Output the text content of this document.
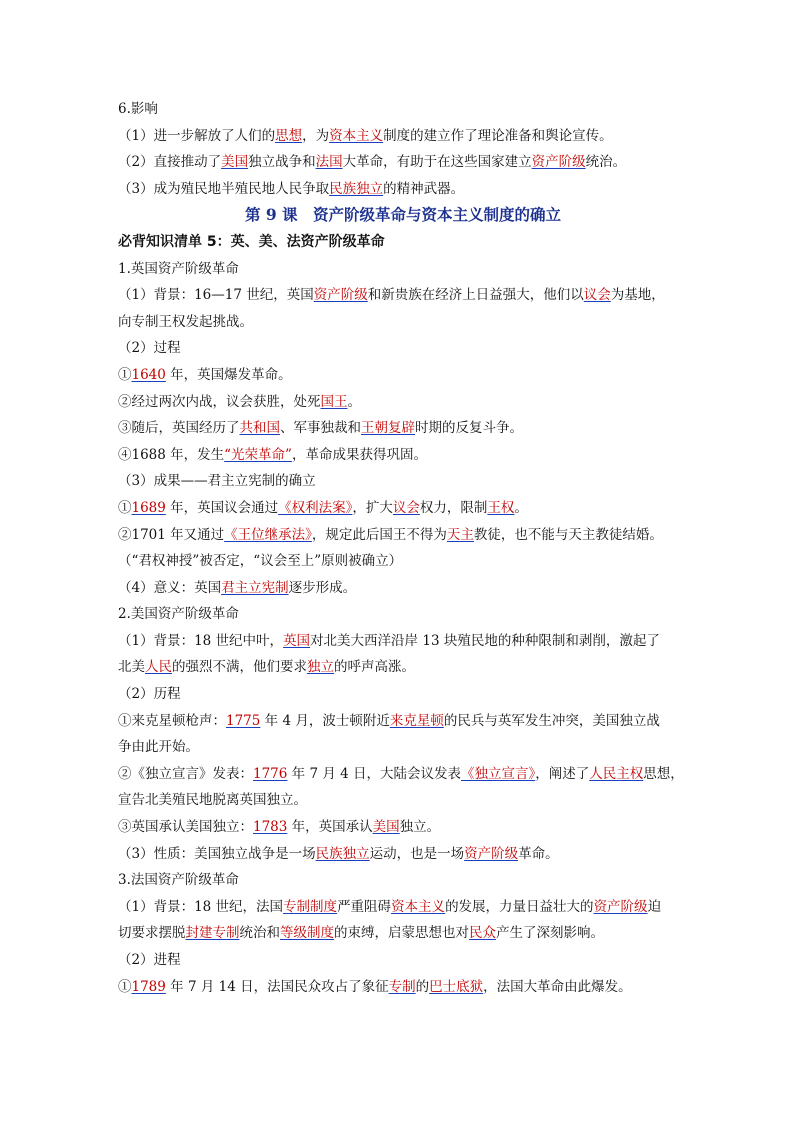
6.影响
（1）进一步解放了人们的思想，为资本主义制度的建立作了理论准备和舆论宣传。
（2）直接推动了美国独立战争和法国大革命，有助于在这些国家建立资产阶级统治。
（3）成为殖民地半殖民地人民争取民族独立的精神武器。
第 9 课　资产阶级革命与资本主义制度的确立
必背知识清单 5：英、美、法资产阶级革命
1.英国资产阶级革命
（1）背景：16—17 世纪，英国资产阶级和新贵族在经济上日益强大，他们以议会为基地，
向专制王权发起挑战。
（2）过程
①1640 年，英国爆发革命。
②经过两次内战，议会获胜，处死国王。
③随后，英国经历了共和国、军事独裁和王朝复辟时期的反复斗争。
④1688 年，发生“光荣革命”，革命成果获得巩固。
（3）成果——君主立宪制的确立
①1689 年，英国议会通过《权利法案》，扩大议会权力，限制王权。
②1701 年又通过《王位继承法》，规定此后国王不得为天主教徒，也不能与天主教徒结婚。
（“君权神授”被否定，“议会至上”原则被确立）
（4）意义：英国君主立宪制逐步形成。
2.美国资产阶级革命
（1）背景：18 世纪中叶，英国对北美大西洋沿岸 13 块殖民地的种种限制和剥削，激起了
北美人民的强烈不满，他们要求独立的呼声高涨。
（2）历程
①来克星顿枪声：1775 年 4 月，波士顿附近来克星顿的民兵与英军发生冲突，美国独立战
争由此开始。
②《独立宣言》发表：1776 年 7 月 4 日，大陆会议发表《独立宣言》，阐述了人民主权思想，
宣告北美殖民地脱离英国独立。
③英国承认美国独立：1783 年，英国承认美国独立。
（3）性质：美国独立战争是一场民族独立运动，也是一场资产阶级革命。
3.法国资产阶级革命
（1）背景：18 世纪，法国专制制度严重阻碍资本主义的发展，力量日益壮大的资产阶级迫
切要求摆脱封建专制统治和等级制度的束缚，启蒙思想也对民众产生了深刻影响。
（2）进程
①1789 年 7 月 14 日，法国民众攻占了象征专制的巴士底狱，法国大革命由此爆发。
